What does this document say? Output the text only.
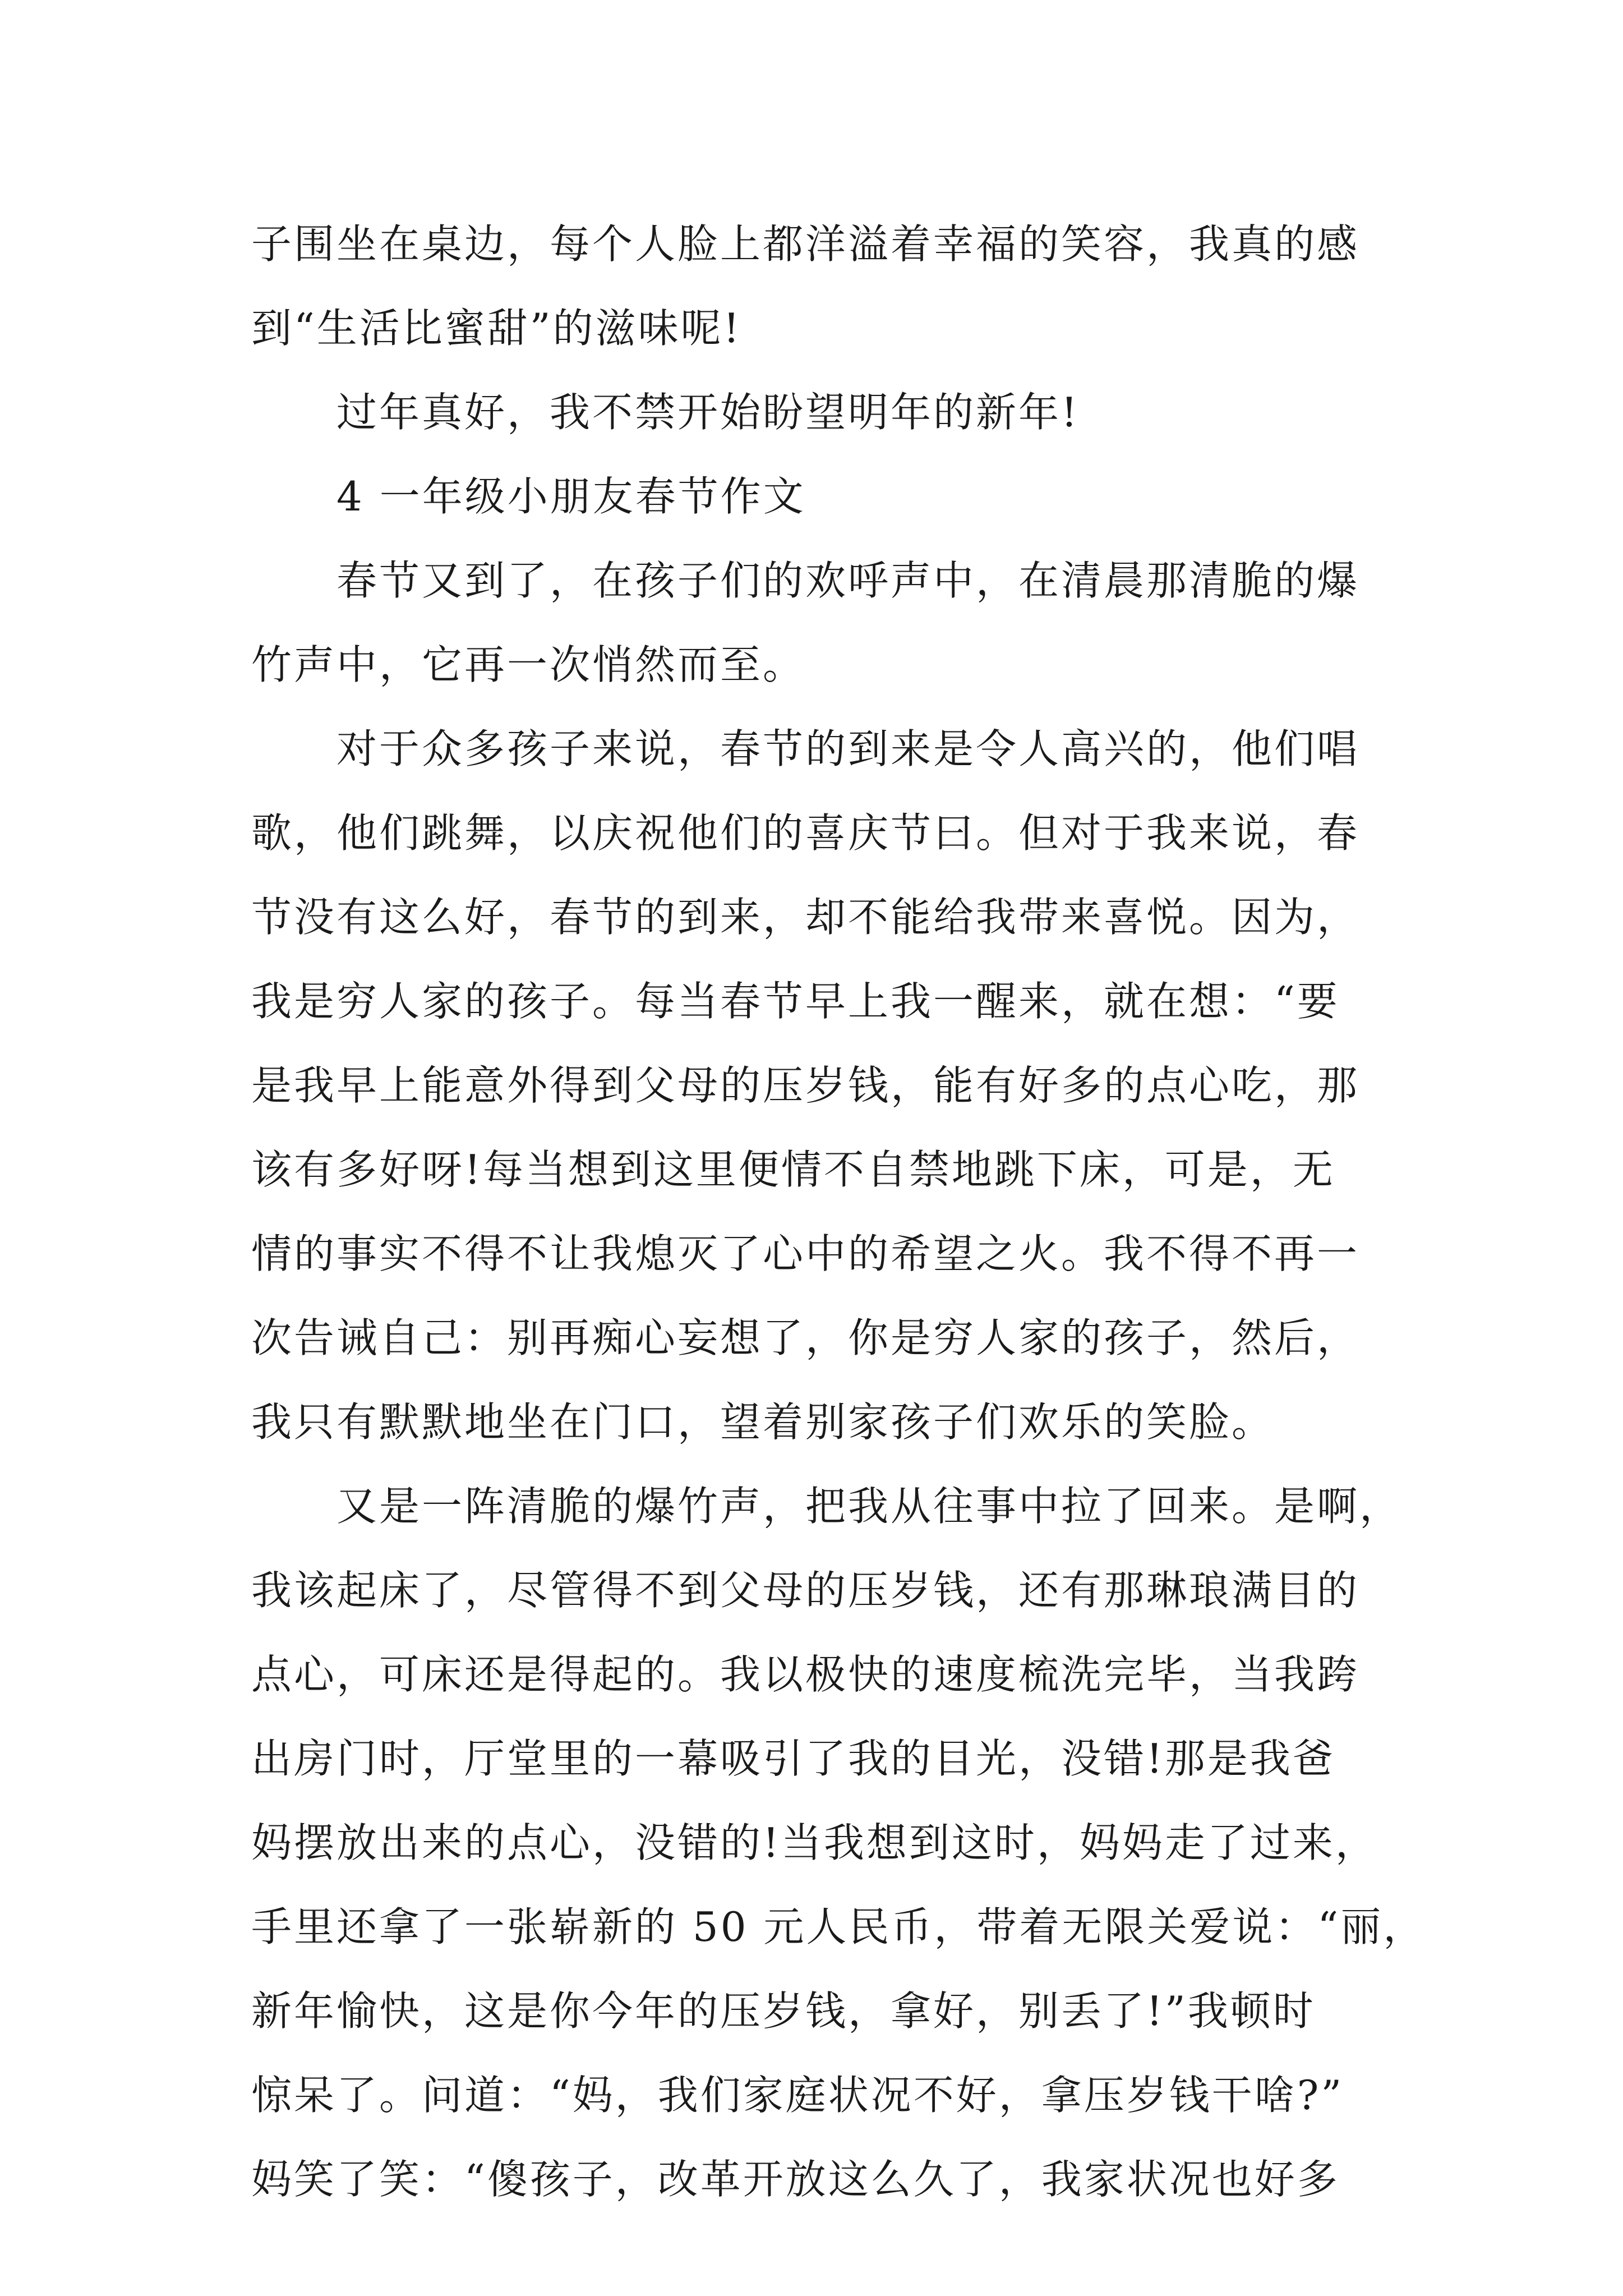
子围坐在桌边，每个人脸上都洋溢着幸福的笑容，我真的感
到“生活比蜜甜”的滋味呢!
过年真好，我不禁开始盼望明年的新年!
4 一年级小朋友春节作文
春节又到了，在孩子们的欢呼声中，在清晨那清脆的爆
竹声中，它再一次悄然而至。
对于众多孩子来说，春节的到来是令人高兴的，他们唱
歌，他们跳舞，以庆祝他们的喜庆节曰。但对于我来说，春
节没有这么好，春节的到来，却不能给我带来喜悦。因为，
我是穷人家的孩子。每当春节早上我一醒来，就在想：“要
是我早上能意外得到父母的压岁钱，能有好多的点心吃，那
该有多好呀!每当想到这里便情不自禁地跳下床，可是，无
情的事实不得不让我熄灭了心中的希望之火。我不得不再一
次告诫自己：别再痴心妄想了，你是穷人家的孩子，然后，
我只有默默地坐在门口，望着别家孩子们欢乐的笑脸。
又是一阵清脆的爆竹声，把我从往事中拉了回来。是啊，
我该起床了，尽管得不到父母的压岁钱，还有那琳琅满目的
点心，可床还是得起的。我以极快的速度梳洗完毕，当我跨
出房门时，厅堂里的一幕吸引了我的目光，没错!那是我爸
妈摆放出来的点心，没错的!当我想到这时，妈妈走了过来，
手里还拿了一张崭新的 50 元人民币，带着无限关爱说：“丽，
新年愉快，这是你今年的压岁钱，拿好，别丢了!”我顿时
惊呆了。问道：“妈，我们家庭状况不好，拿压岁钱干啥?”
妈笑了笑：“傻孩子，改革开放这么久了，我家状况也好多
